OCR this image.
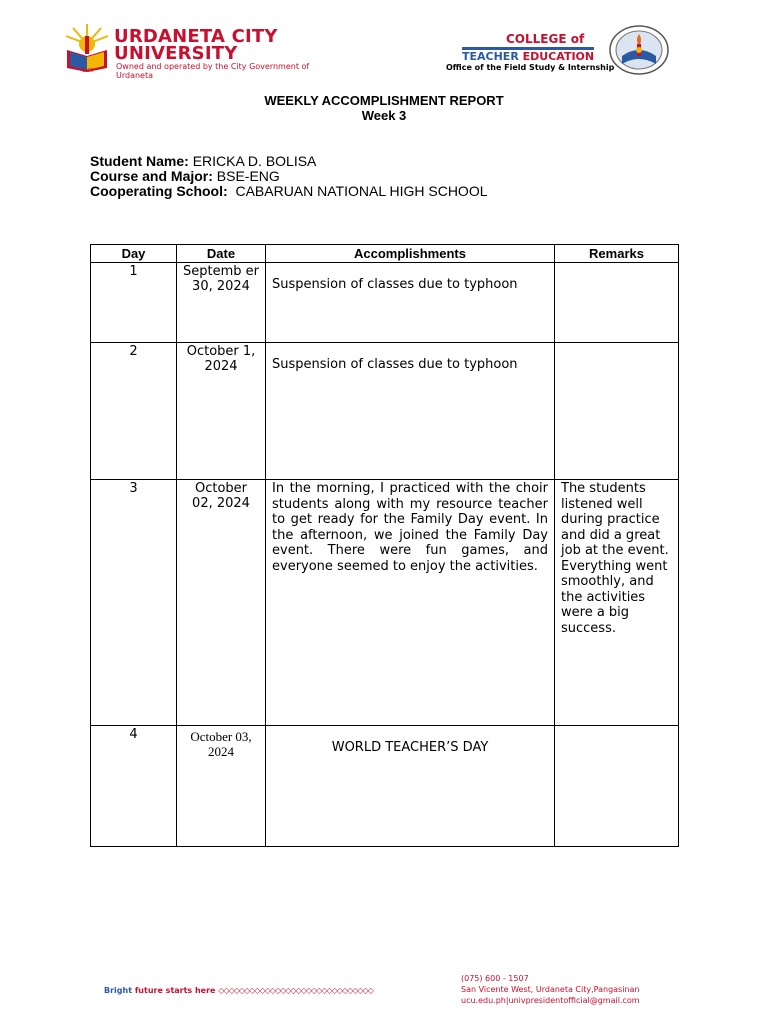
1966
URDANETA CITY
UNIVERSITY
Owned and operated by the City Government of Urdaneta
COLLEGE of
TEACHER EDUCATION
Office of the Field Study & Internship
WEEKLY ACCOMPLISHMENT REPORT
Week 3
Student Name: ERICKA D. BOLISA
Course and Major: BSE-ENG
Cooperating School: CABARUAN NATIONAL HIGH SCHOOL
Day	Date	Accomplishments	Remarks
1	Septemb er 30, 2024	Suspension of classes due to typhoon	
2	October 1, 2024	Suspension of classes due to typhoon	
3	October 02, 2024	In the morning, I practiced with the choir students along with my resource teacher to get ready for the Family Day event. In the afternoon, we joined the Family Day event. There were fun games, and everyone seemed to enjoy the activities.	The students listened well during practice and did a great job at the event. Everything went smoothly, and the activities were a big success.
4	October 03, 2024	WORLD TEACHER’S DAY	
Bright future starts here ◇◇◇◇◇◇◇◇◇◇◇◇◇◇◇◇◇◇◇◇◇◇◇◇◇◇◇◇◇◇
(075) 600 - 1507
San Vicente West, Urdaneta City,Pangasinan
ucu.edu.ph|univpresidentofficial@gmail.com
